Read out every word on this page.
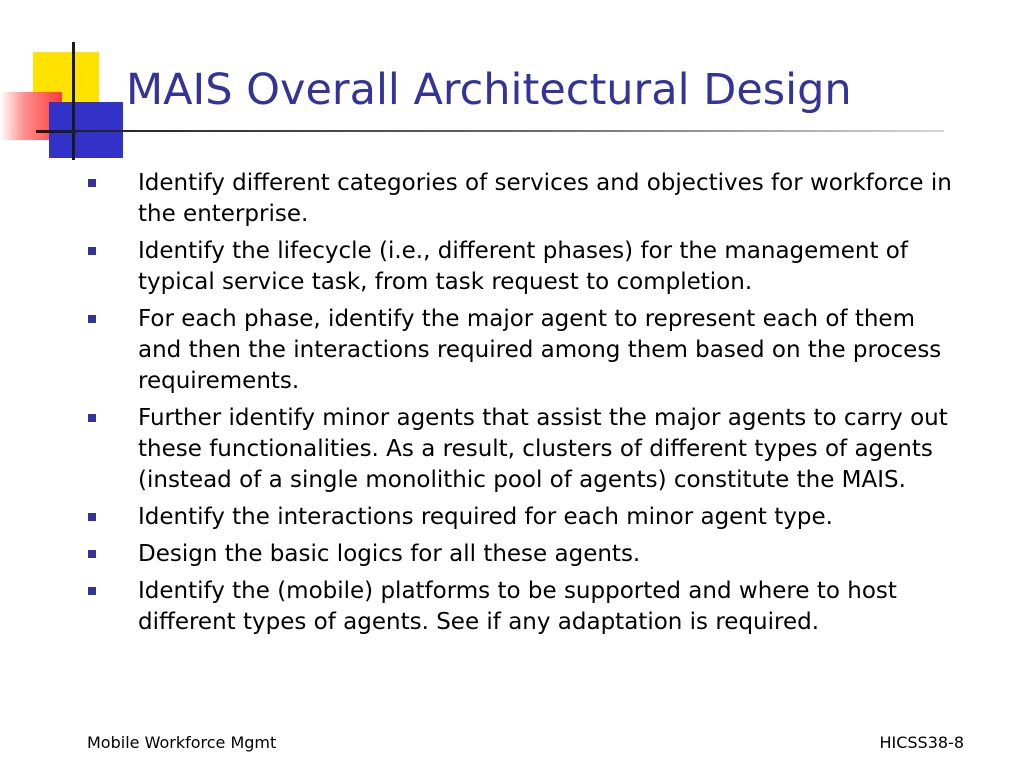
MAIS Overall Architectural Design
Identify different categories of services and objectives for workforce in the enterprise.
Identify the lifecycle (i.e., different phases) for the management of typical service task, from task request to completion.
For each phase, identify the major agent to represent each of them and then the interactions required among them based on the process requirements.
Further identify minor agents that assist the major agents to carry out these functionalities. As a result, clusters of different types of agents (instead of a single monolithic pool of agents) constitute the MAIS.
Identify the interactions required for each minor agent type.
Design the basic logics for all these agents.
Identify the (mobile) platforms to be supported and where to host different types of agents. See if any adaptation is required.
Mobile Workforce Mgmt	HICSS38-8
